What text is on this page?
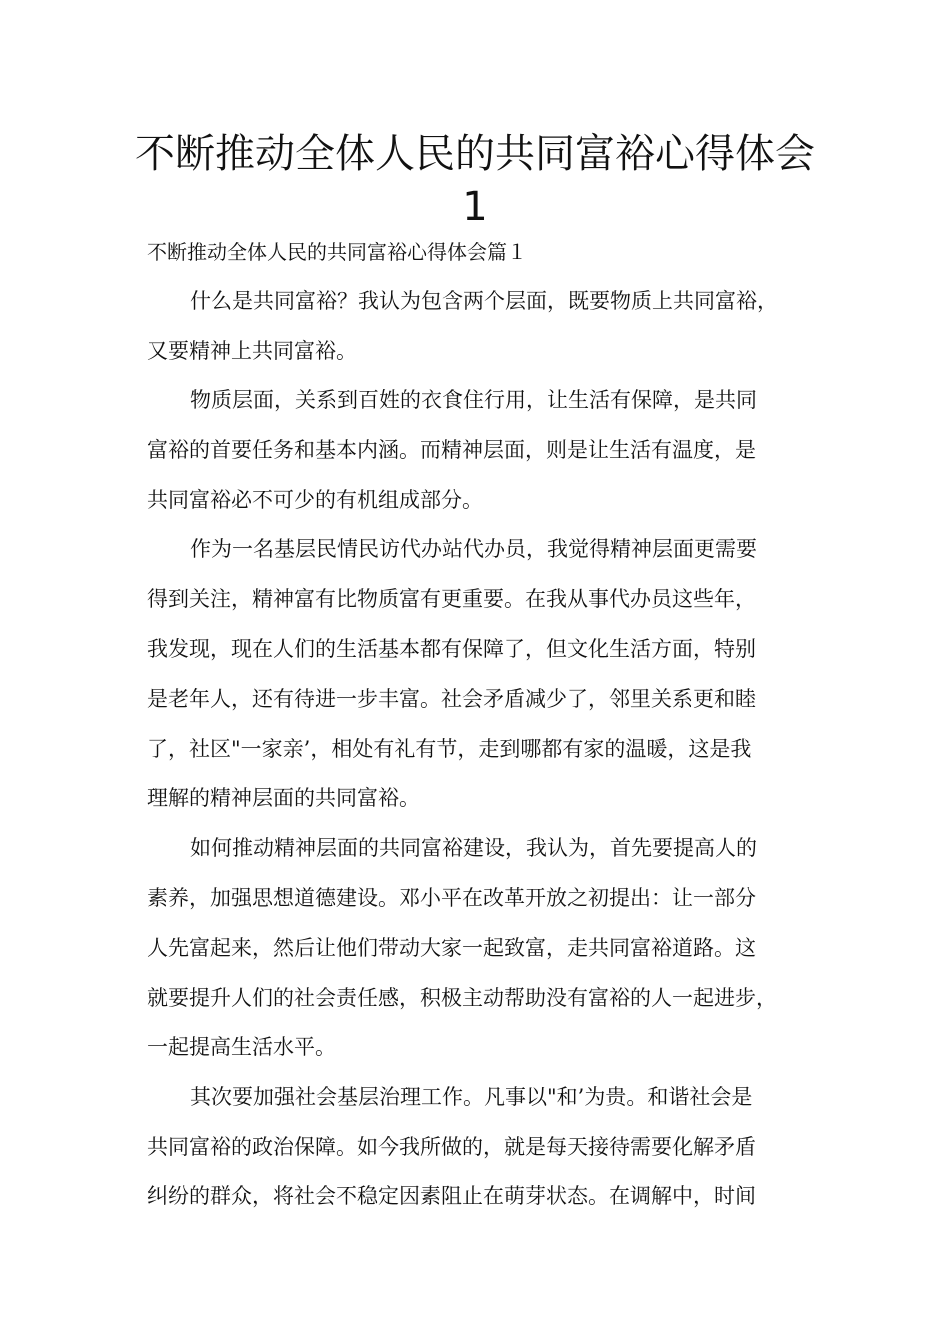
不断推动全体人民的共同富裕心得体会
1
不断推动全体人民的共同富裕心得体会篇１
什么是共同富裕？我认为包含两个层面，既要物质上共同富裕，
又要精神上共同富裕。
物质层面，关系到百姓的衣食住行用，让生活有保障，是共同
富裕的首要任务和基本内涵。而精神层面，则是让生活有温度，是
共同富裕必不可少的有机组成部分。
作为一名基层民情民访代办站代办员，我觉得精神层面更需要
得到关注，精神富有比物质富有更重要。在我从事代办员这些年，
我发现，现在人们的生活基本都有保障了，但文化生活方面，特别
是老年人，还有待进一步丰富。社会矛盾减少了，邻里关系更和睦
了，社区"一家亲’，相处有礼有节，走到哪都有家的温暖，这是我
理解的精神层面的共同富裕。
如何推动精神层面的共同富裕建设，我认为，首先要提高人的
素养，加强思想道德建设。邓小平在改革开放之初提出：让一部分
人先富起来，然后让他们带动大家一起致富，走共同富裕道路。这
就要提升人们的社会责任感，积极主动帮助没有富裕的人一起进步，
一起提高生活水平。
其次要加强社会基层治理工作。凡事以"和’为贵。和谐社会是
共同富裕的政治保障。如今我所做的，就是每天接待需要化解矛盾
纠纷的群众，将社会不稳定因素阻止在萌芽状态。在调解中，时间
